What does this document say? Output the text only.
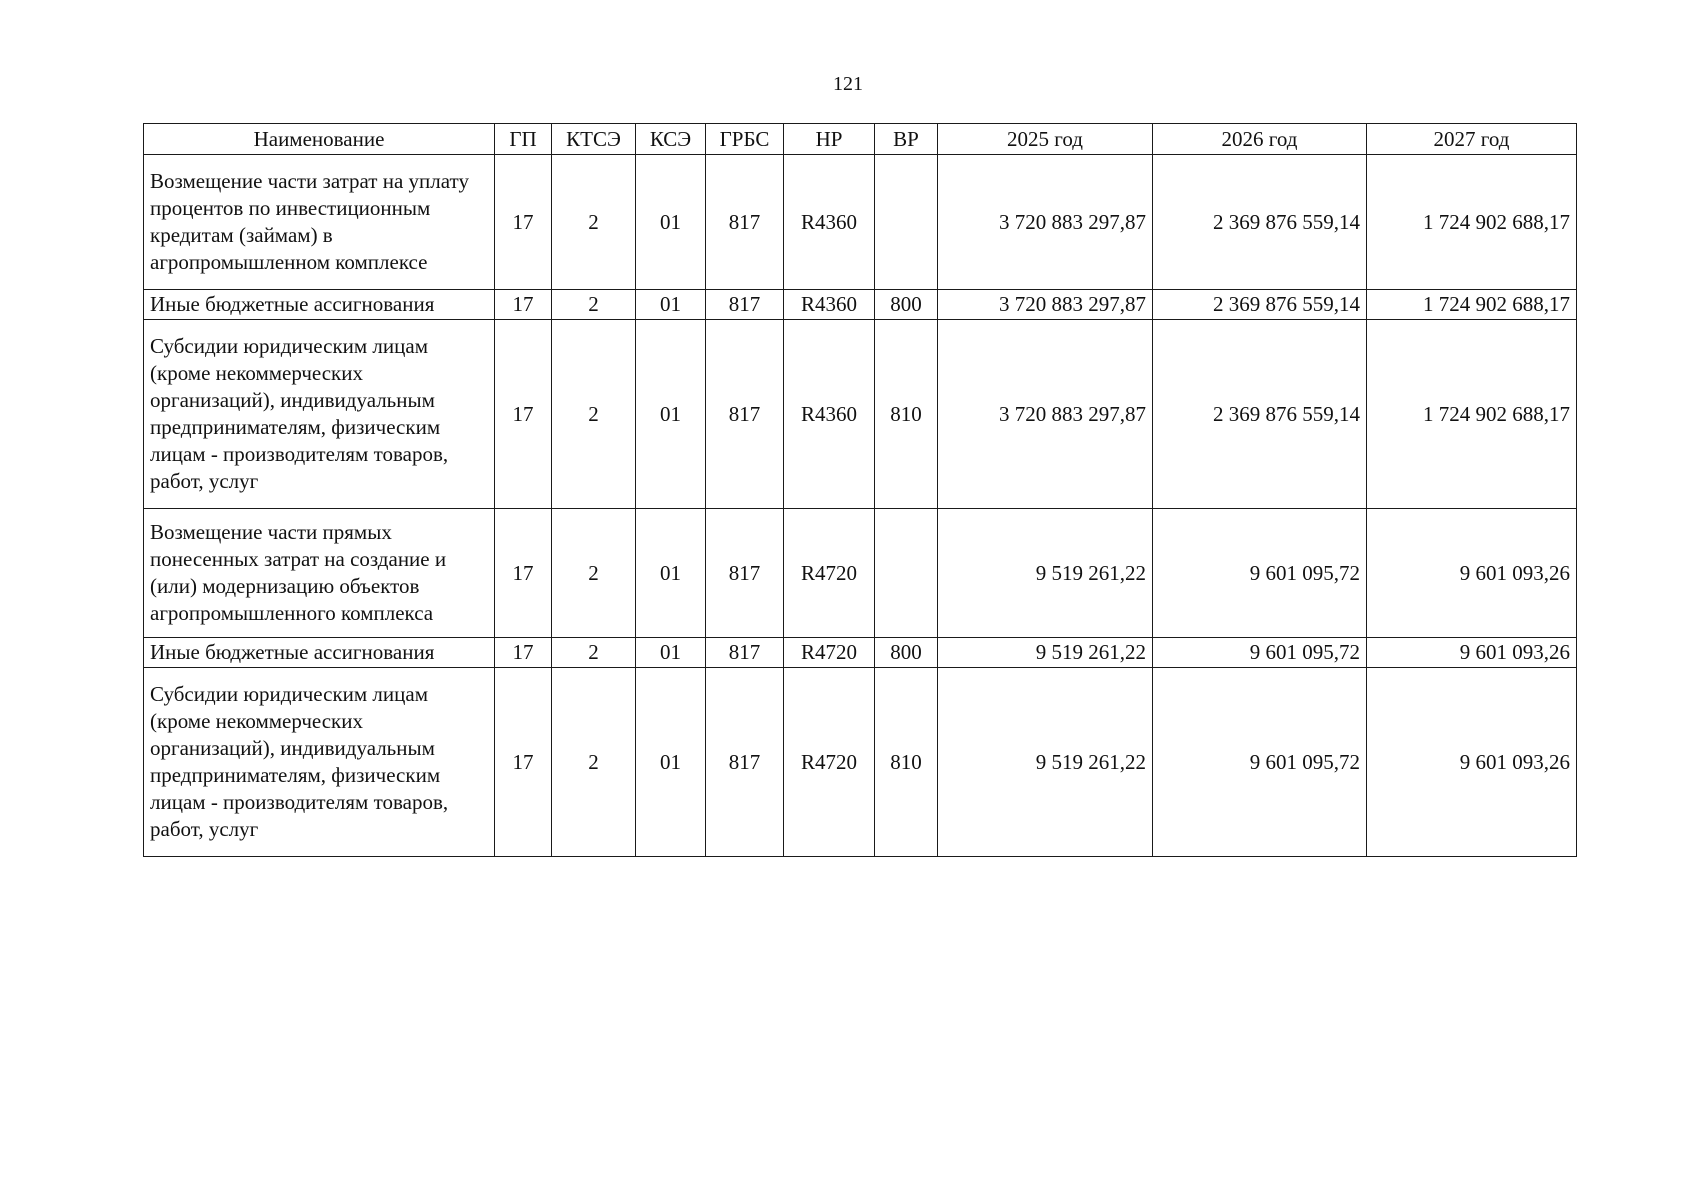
121
Наименование	ГП	КТСЭ	КСЭ	ГРБС	НР	ВР	2025 год	2026 год	2027 год
Возмещение части затрат на уплату процентов по инвестиционным кредитам (займам) в агропромышленном комплексе	17	2	01	817	R4360		3 720 883 297,87	2 369 876 559,14	1 724 902 688,17
Иные бюджетные ассигнования	17	2	01	817	R4360	800	3 720 883 297,87	2 369 876 559,14	1 724 902 688,17
Субсидии юридическим лицам (кроме некоммерческих организаций), индивидуальным предпринимателям, физическим лицам - производителям товаров, работ, услуг	17	2	01	817	R4360	810	3 720 883 297,87	2 369 876 559,14	1 724 902 688,17
Возмещение части прямых понесенных затрат на создание и (или) модернизацию объектов агропромышленного комплекса	17	2	01	817	R4720		9 519 261,22	9 601 095,72	9 601 093,26
Иные бюджетные ассигнования	17	2	01	817	R4720	800	9 519 261,22	9 601 095,72	9 601 093,26
Субсидии юридическим лицам (кроме некоммерческих организаций), индивидуальным предпринимателям, физическим лицам - производителям товаров, работ, услуг	17	2	01	817	R4720	810	9 519 261,22	9 601 095,72	9 601 093,26
